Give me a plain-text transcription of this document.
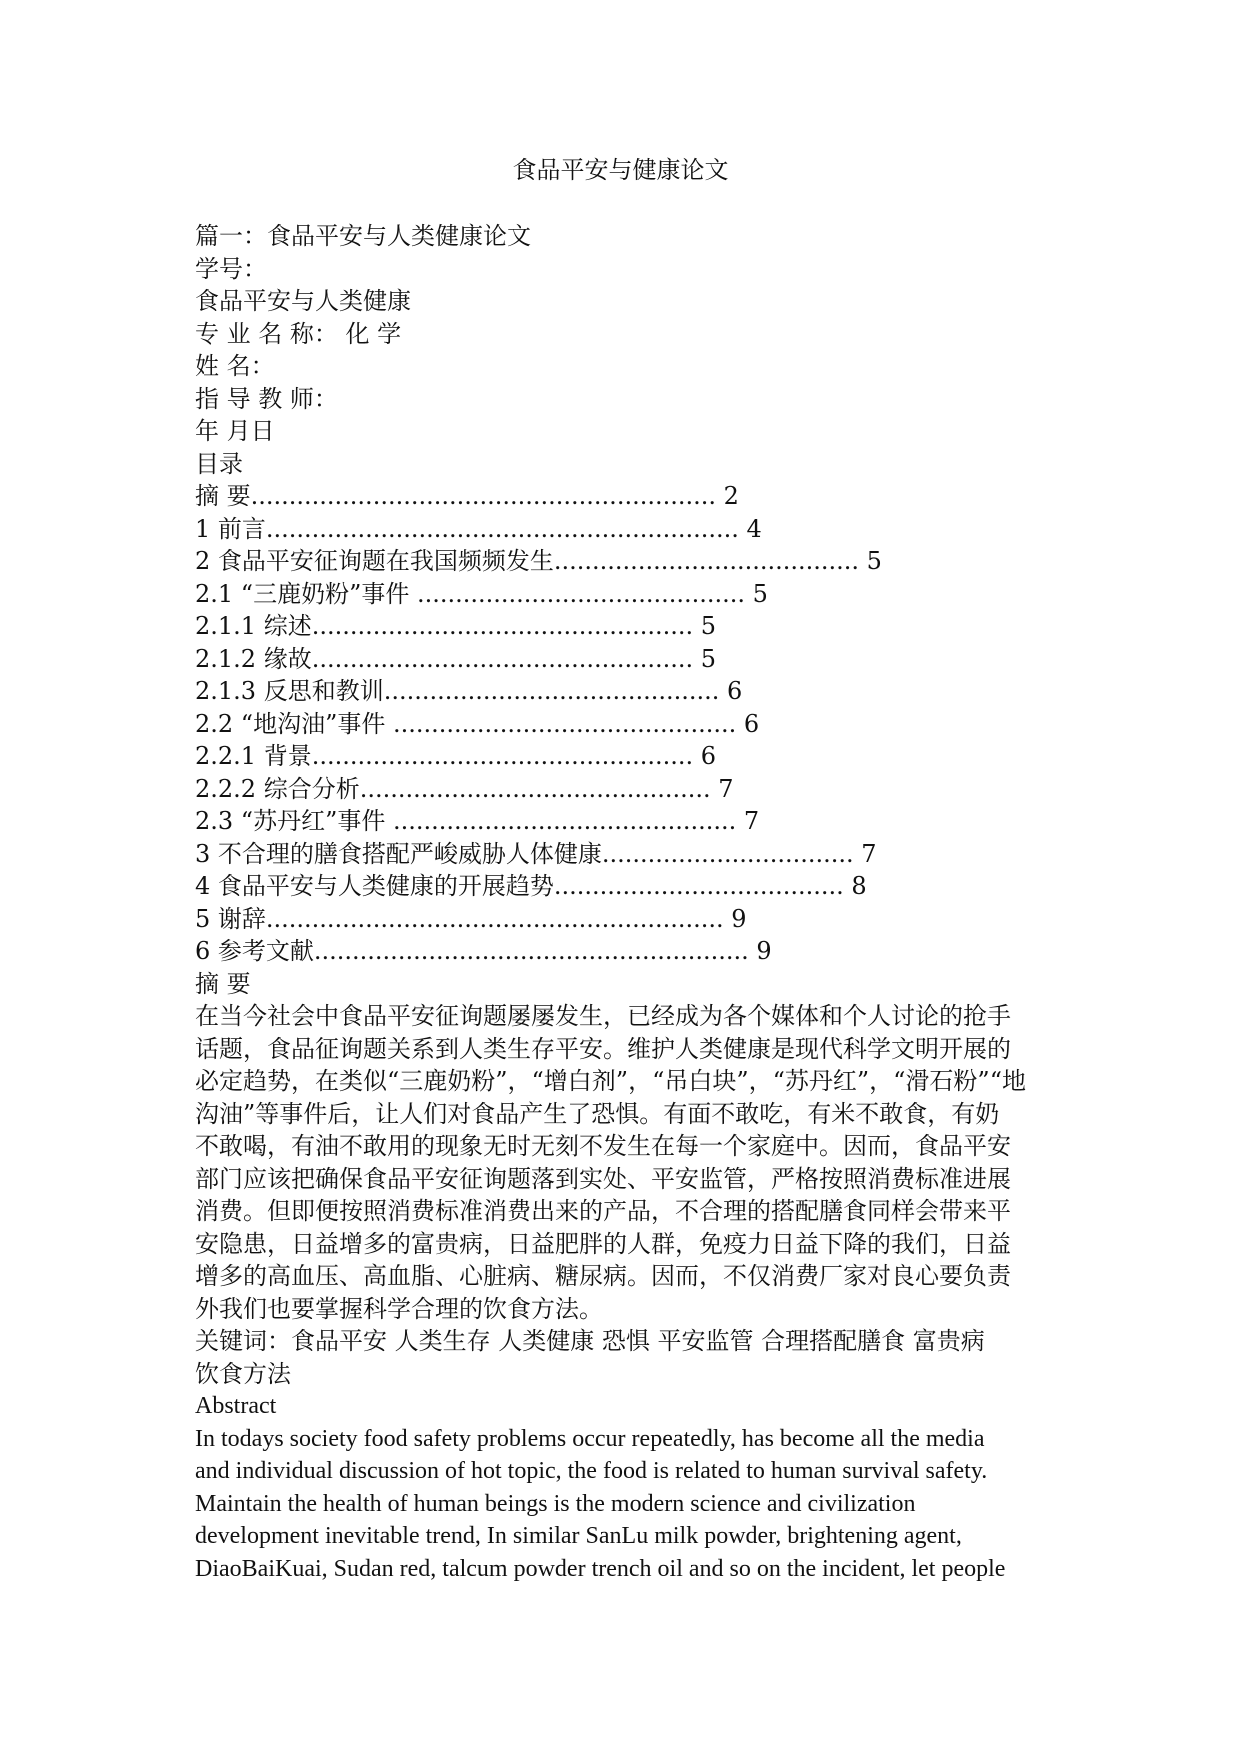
食品平安与健康论文
篇一：食品平安与人类健康论文
学号：
食品平安与人类健康
专 业 名 称： 化 学
姓 名：
指 导 教 师：
年 月日
目录
摘 要............................................................. 2
1 前言.............................................................. 4
2 食品平安征询题在我国频频发生........................................ 5
2.1 “三鹿奶粉”事件 ........................................... 5
2.1.1 综述.................................................. 5
2.1.2 缘故.................................................. 5
2.1.3 反思和教训............................................ 6
2.2 “地沟油”事件 ............................................. 6
2.2.1 背景.................................................. 6
2.2.2 综合分析.............................................. 7
2.3 “苏丹红”事件 ............................................. 7
3 不合理的膳食搭配严峻威胁人体健康................................. 7
4 食品平安与人类健康的开展趋势...................................... 8
5 谢辞............................................................ 9
6 参考文献......................................................... 9
摘 要
在当今社会中食品平安征询题屡屡发生，已经成为各个媒体和个人讨论的抢手
话题，食品征询题关系到人类生存平安。维护人类健康是现代科学文明开展的
必定趋势，在类似“三鹿奶粉”，“增白剂”，“吊白块”，“苏丹红”，“滑石粉”“地
沟油”等事件后，让人们对食品产生了恐惧。有面不敢吃，有米不敢食，有奶
不敢喝，有油不敢用的现象无时无刻不发生在每一个家庭中。因而，食品平安
部门应该把确保食品平安征询题落到实处、平安监管，严格按照消费标准进展
消费。但即便按照消费标准消费出来的产品，不合理的搭配膳食同样会带来平
安隐患，日益增多的富贵病，日益肥胖的人群，免疫力日益下降的我们，日益
增多的高血压、高血脂、心脏病、糖尿病。因而，不仅消费厂家对良心要负责
外我们也要掌握科学合理的饮食方法。
关键词：食品平安 人类生存 人类健康 恐惧 平安监管 合理搭配膳食 富贵病
饮食方法
Abstract
In todays society food safety problems occur repeatedly, has become all the media
and individual discussion of hot topic, the food is related to human survival safety.
Maintain the health of human beings is the modern science and civilization
development inevitable trend, In similar SanLu milk powder, brightening agent,
DiaoBaiKuai, Sudan red, talcum powder trench oil and so on the incident, let people
